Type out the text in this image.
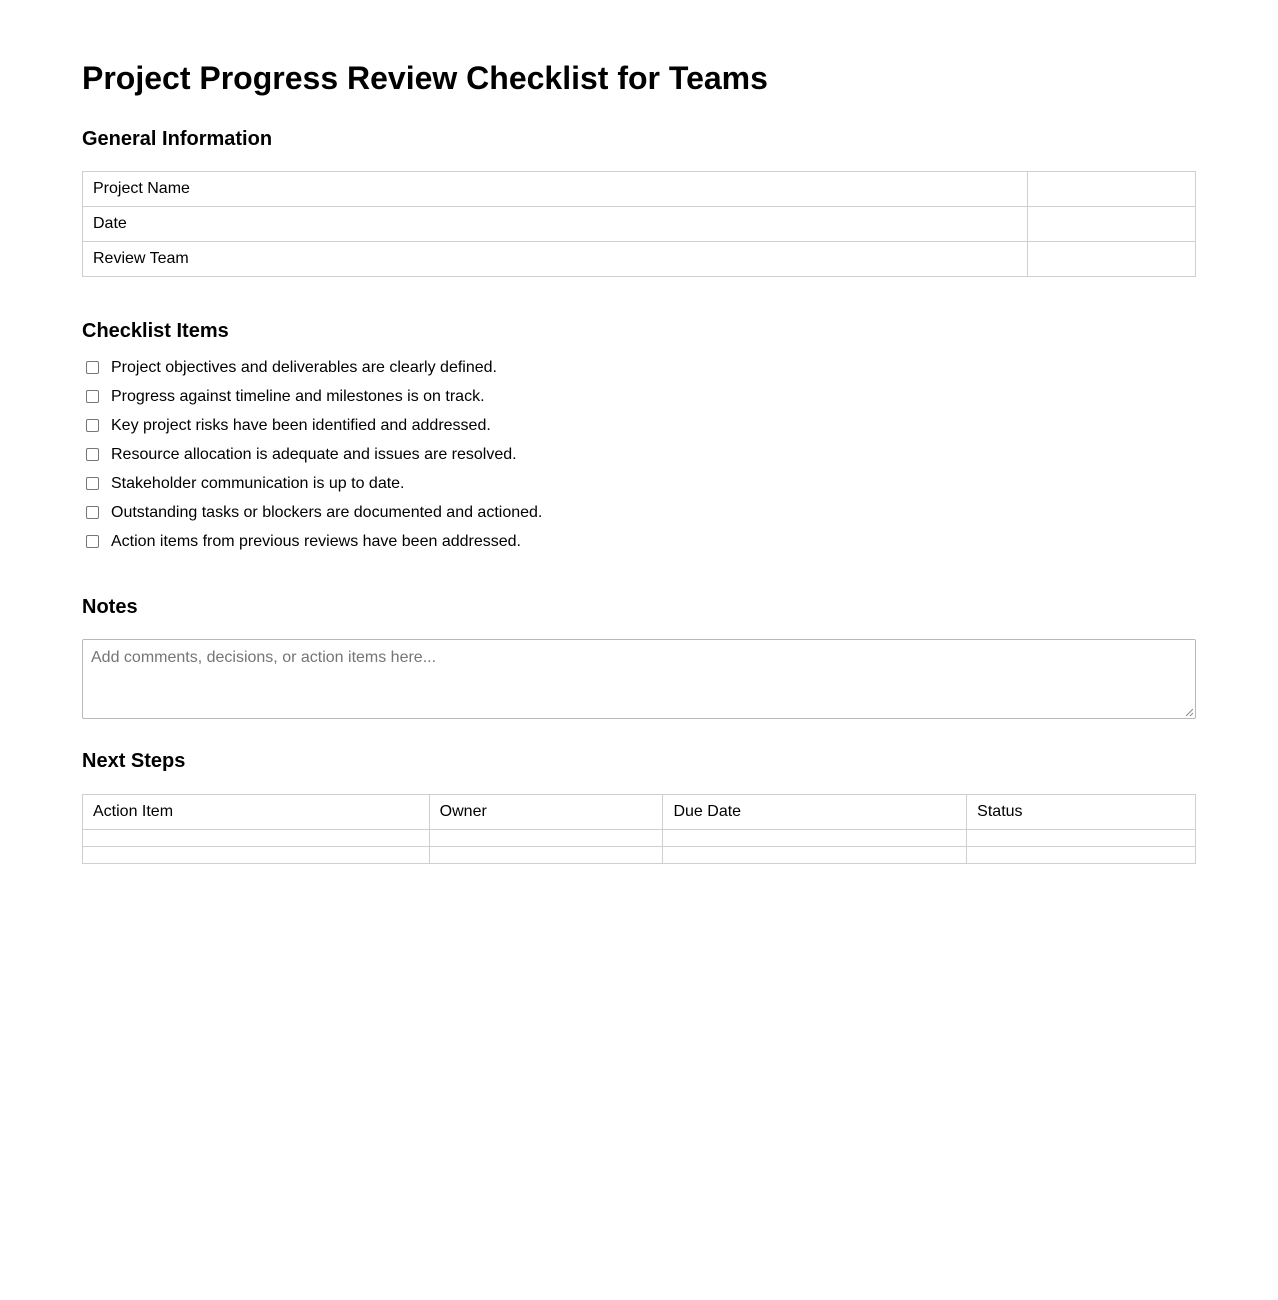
Project Progress Review Checklist for Teams
General Information
Project Name	
Date	
Review Team	
Checklist Items
Project objectives and deliverables are clearly defined.
Progress against timeline and milestones is on track.
Key project risks have been identified and addressed.
Resource allocation is adequate and issues are resolved.
Stakeholder communication is up to date.
Outstanding tasks or blockers are documented and actioned.
Action items from previous reviews have been addressed.
Notes
Add comments, decisions, or action items here...
Next Steps
Action Item	Owner	Due Date	Status
